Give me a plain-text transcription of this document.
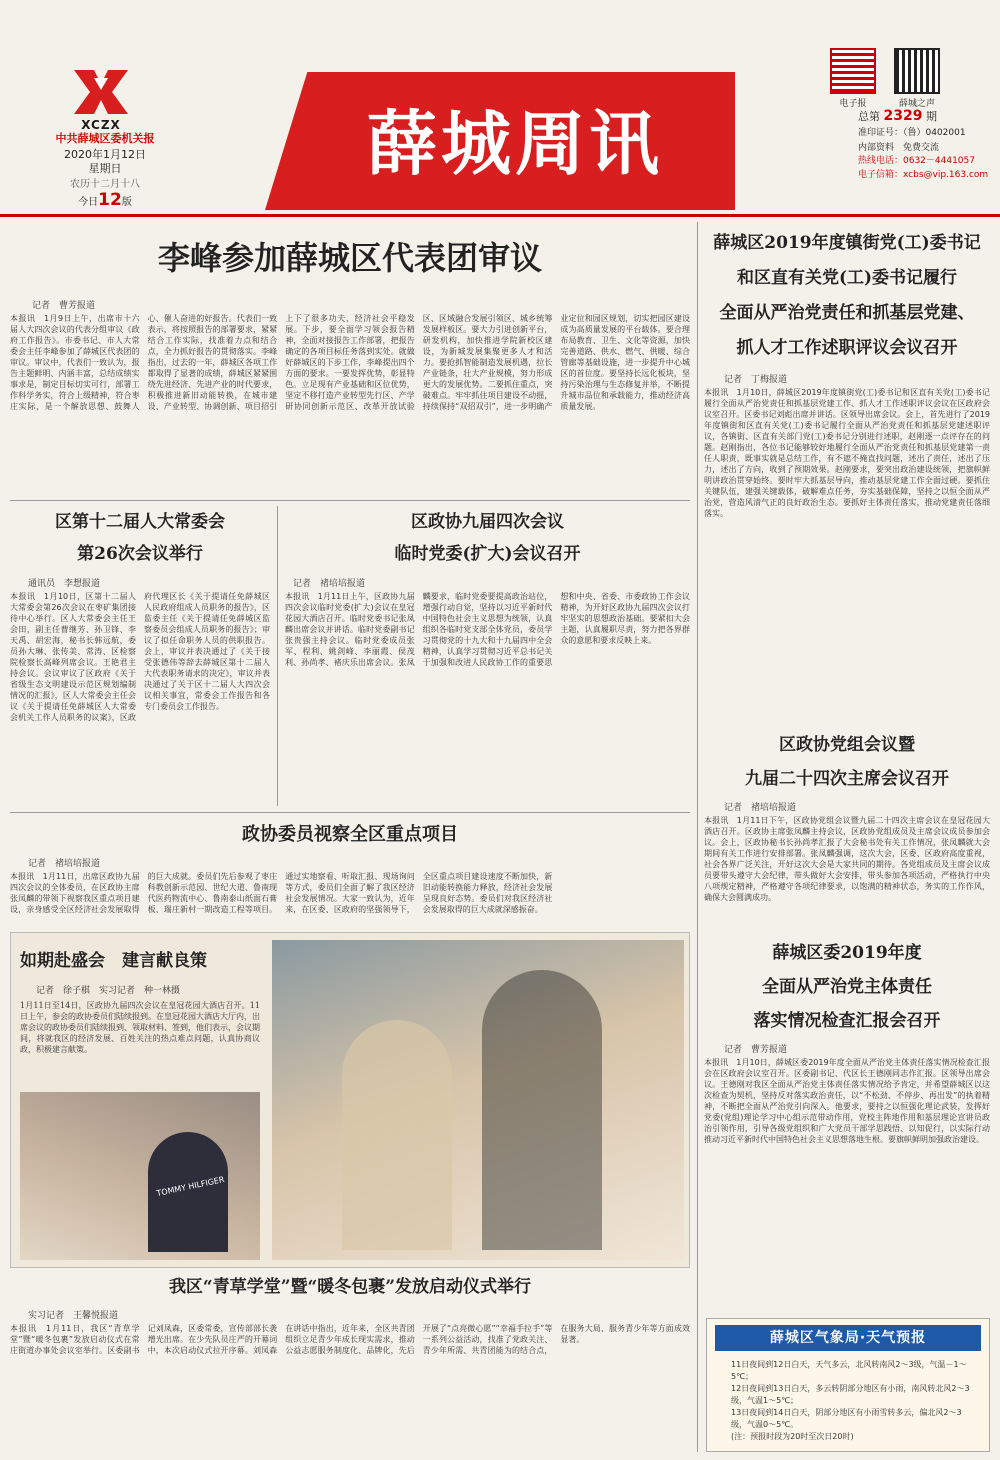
XCZX
中共薛城区委机关报
2020年1月12日
星期日
农历十二月十八
今日12版
薛城周讯	电子报	薛城之声
总第 2329 期
准印证号：（鲁）0402001
内部资料　免费交流
热线电话：0632－4441057
电子信箱：xcbs@vip.163.com
李峰参加薛城区代表团审议
记者　曹芳报道
本报讯　1月9日上午，出席市十六届人大四次会议的代表分组审议《政府工作报告》。市委书记、市人大常委会主任李峰参加了薛城区代表团的审议。审议中，代表们一致认为，报告主题鲜明、内涵丰富，总结成绩实事求是，制定目标切实可行，部署工作科学务实，符合上级精神，符合枣庄实际，是一个解放思想、鼓舞人心、催人奋进的好报告。代表们一致表示，将按照报告的部署要求，紧紧结合工作实际，找准着力点和结合点，全力抓好报告的贯彻落实。李峰指出，过去的一年，薛城区各项工作都取得了显著的成绩，薛城区紧紧围绕先进经济、先进产业的时代要求，积极推进新旧动能转换，在城市建设、产业转型、协调创新、项目招引上下了很多功夫，经济社会平稳发展。下步，要全面学习领会报告精神，全面对接报告工作部署，把报告确定的各项目标任务落到实处。就做好薛城区的下步工作，李峰提出四个方面的要求。一要发挥优势，彰显特色。立足现有产业基础和区位优势，坚定不移打造产业转型先行区、产学研协同创新示范区、改革开放试验区、区域融合发展引领区、城乡统筹发展样板区。要大力引进创新平台，研发机构，加快推进学院新校区建设，为新城发展集聚更多人才和活力。要抢抓智能制造发展机遇，拉长产业链条，壮大产业规模，努力形成更大的发展优势。二要抓住重点，突破难点。牢牢抓住项目建设不动摇，持续保持“双招双引”，进一步明确产业定位和园区规划，切实把园区建设成为高质量发展的平台载体。要合理布局教育、卫生、文化等资源，加快完善道路、供水、燃气、供暖、综合管廊等基础设施，进一步提升中心城区的首位度。要坚持长远化板块，坚持污染治理与生态修复并举，不断提升城市品位和承载能力，推动经济高质量发展。
薛城区2019年度镇街党(工)委书记
和区直有关党(工)委书记履行
全面从严治党责任和抓基层党建、
抓人才工作述职评议会议召开
记者　丁梅报道
本报讯　1月10日，薛城区2019年度镇街党(工)委书记和区直有关党(工)委书记履行全面从严治党责任和抓基层党建工作、抓人才工作述职评议会议在区政府会议室召开。区委书记刘彪出席并讲话。区领导出席会议。会上，首先进行了2019年度镇街和区直有关党(工)委书记履行全面从严治党责任和抓基层党建述职评议，各镇街、区直有关部门党(工)委书记分别进行述职，赵刚逐一点评存在的问题。赵刚指出，各位书记能够较好地履行全面从严治党责任和抓基层党建第一责任人职责，既事实就是总结工作，有不遮不掩直找问题，述出了责任，述出了压力，述出了方向，收到了预期效果。赵刚要求，要突出政治建设统领，把旗帜鲜明讲政治贯穿始终。要时牢大抓基层导向，推动基层党建工作全面过硬。要抓住关键队伍，建强关键载体，破解难点任务，夯实基础保障，坚持之以恒全面从严治党，营造风清气正的良好政治生态。要抓好主体责任落实，推动党建责任落细落实。
区第十二届人大常委会
第26次会议举行
通讯员　李想报道
本报讯　1月10日，区第十二届人大常委会第26次会议在枣矿集团接待中心举行。区人大常委会主任王会田，副主任曹继芳、孙卫锋、李天禹、胡宏海，秘书长韩远航，委员孙大琳、张传美、常涛、区检察院检察长高峰列席会议。王艳君主持会议。会议审议了区政府《关于省级生态文明建设示范区规划编制情况的汇报》，区人大常委会主任会议《关于提请任免薛城区人大常委会机关工作人员职务的议案》，区政府代理区长《关于提请任免薛城区人民政府组成人员职务的报告》，区监委主任《关于提请任免薛城区监察委员会组成人员职务的报告》；审议了拟任命职务人员的供职报告。会上，审议并表决通过了《关于接受张德伟等辞去薛城区第十二届人大代表职务请求的决定》，审议并表决通过了关于区十二届人大四次会议相关事宜，常委会工作报告和各专门委员会工作报告。
区政协九届四次会议
临时党委(扩大)会议召开
记者　褚培培报道
本报讯　1月11日上午，区政协九届四次会议临时党委(扩大)会议在皇冠花园大酒店召开。临时党委书记张凤麟出席会议并讲话。临时党委副书记张贵强主持会议。临时党委成员张军、程利、姚剑峰、李丽霞、侯茂利、孙尚孝、褚庆乐出席会议。张凤麟要求，临时党委要提高政治站位，增强行动自觉，坚持以习近平新时代中国特色社会主义思想为统领，认真组织各临时党支部全体党员，委员学习贯彻党的十九大和十九届四中全会精神，认真学习贯彻习近平总书记关于加强和改进人民政协工作的重要思想和中央、省委、市委政协工作会议精神，为开好区政协九届四次会议打牢坚实的思想政治基础。要紧扣大会主题，认真履职尽责，努力把各界群众的意愿和要求反映上来。
政协委员视察全区重点项目
记者　褚培培报道
本报讯　1月11日，出席区政协九届四次会议的全体委员，在区政协主席张凤麟的带领下视察我区重点项目建设，亲身感受全区经济社会发展取得的巨大成就。委员们先后参观了枣庄科教创新示范园、世纪大道、鲁南现代医药物流中心、鲁南泰山纸面石膏板、瑞庄新村一期改造工程等项目。通过实地察看、听取汇报、现场询问等方式，委员们全面了解了我区经济社会发展情况。大家一致认为，近年来，在区委、区政府的坚强领导下，全区重点项目建设速度不断加快，新旧动能转换能力释放，经济社会发展呈现良好态势。委员们对我区经济社会发展取得的巨大成就深感振奋。
如期赴盛会　建言献良策
记者　徐子棋　实习记者　种一林摄
1月11日至14日，区政协九届四次会议在皇冠花园大酒店召开。11日上午，参会的政协委员们陆续报到。在皇冠花园大酒店大厅内，出席会议的政协委员们陆续报到、领取材料、签到，他们表示，会议期间，将就我区的经济发展、百姓关注的热点难点问题，认真协商议政，积极建言献策。
TOMMY HILFIGER
区政协党组会议暨
九届二十四次主席会议召开
记者　褚培培报道
本报讯　1月11日下午，区政协党组会议暨九届二十四次主席会议在皇冠花园大酒店召开。区政协主席张凤麟主持会议，区政协党组成员及主席会议成员参加会议。会上，区政协秘书长孙尚孝汇报了大会秘书处有关工作情况，张凤麟就大会期间有关工作进行安排部署。张凤麟强调，这次大会，区委、区政府高度重视，社会各界广泛关注，开好这次大会是大家共同的期待。各党组成员及主席会议成员要带头遵守大会纪律，带头做好大会安排，带头参加各项活动，严格执行中央八项规定精神，严格遵守各项纪律要求，以饱满的精神状态，务实的工作作风，确保大会圆满成功。
薛城区委2019年度
全面从严治党主体责任
落实情况检查汇报会召开
记者　曹芳报道
本报讯　1月10日，薛城区委2019年度全面从严治党主体责任落实情况检查汇报会在区政府会议室召开。区委副书记、代区长王德刚同志作汇报。区领导出席会议。王德刚对我区全面从严治党主体责任落实情况给予肯定，并希望薛城区以这次检查为契机，坚持反对落实政治责任，以“不松劲、不停步、再出发”的执着精神，不断把全面从严治党引向深入。他要求，要持之以恒强化理论武装，发挥好党委(党组)理论学习中心组示范带动作用，党校主阵地作用和基层理论宣讲员政治引领作用，引导各级党组织和广大党员干部学思践悟、以知促行，以实际行动推动习近平新时代中国特色社会主义思想落地生根。要旗帜鲜明加强政治建设。
我区“青草学堂”暨“暖冬包裹”发放启动仪式举行
实习记者　王馨悦报道
本报讯　1月11日，我区“青草学堂”暨“暖冬包裹”发放启动仪式在常庄街道办事处会议室举行。区委副书记刘凤森，区委常委，宣传部部长袭增光出席。在少先队员庄严的开幕词中，本次启动仪式拉开序幕。刘凤森在讲话中指出，近年来，全区共青团组织立足青少年成长现实需求，推动公益志愿服务制度化、品牌化，先后开展了“点亮微心愿”“幸福手拉手”等一系列公益活动，找准了党政关注、青少年所需、共青团能为的结合点，在服务大局、服务青少年等方面成效显著。	薛城区气象局·天气预报
11日夜间到12日白天，天气多云，北风转南风2～3级，气温－1～5℃；
12日夜间到13日白天，多云转阴部分地区有小雨，南风转北风2～3级，气温1～5℃；
13日夜间到14日白天，阴部分地区有小雨雪转多云，偏北风2～3级，气温0～5℃。
(注：预报时段为20时至次日20时)
